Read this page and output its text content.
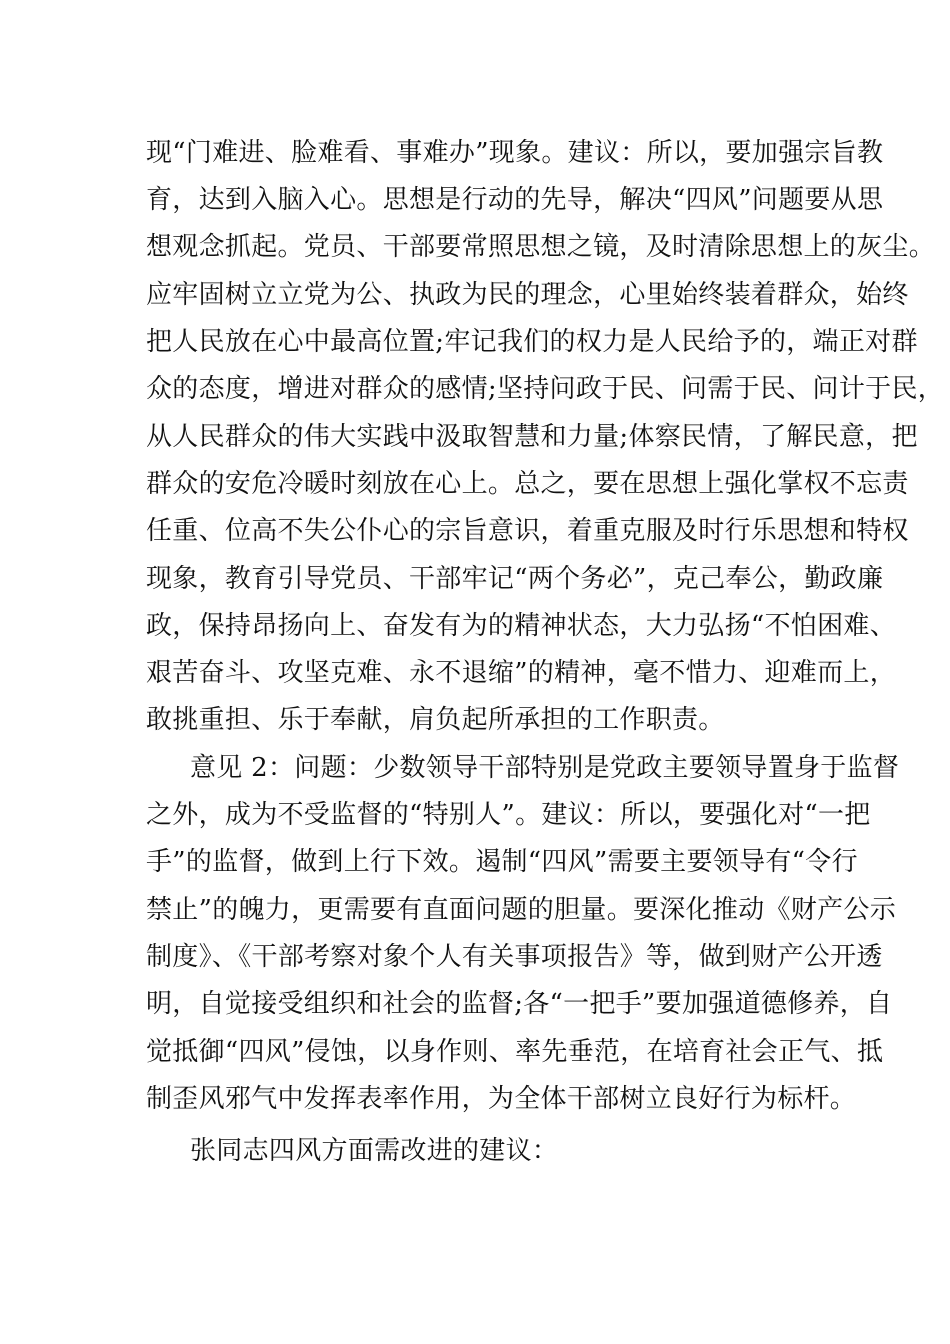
现“门难进、脸难看、事难办”现象。建议：所以，要加强宗旨教
育，达到入脑入心。思想是行动的先导，解决“四风”问题要从思
想观念抓起。党员、干部要常照思想之镜，及时清除思想上的灰尘。
应牢固树立立党为公、执政为民的理念，心里始终装着群众，始终
把人民放在心中最高位置;牢记我们的权力是人民给予的，端正对群
众的态度，增进对群众的感情;坚持问政于民、问需于民、问计于民，
从人民群众的伟大实践中汲取智慧和力量;体察民情，了解民意，把
群众的安危冷暖时刻放在心上。总之，要在思想上强化掌权不忘责
任重、位高不失公仆心的宗旨意识，着重克服及时行乐思想和特权
现象，教育引导党员、干部牢记“两个务必”，克己奉公，勤政廉
政，保持昂扬向上、奋发有为的精神状态，大力弘扬“不怕困难、
艰苦奋斗、攻坚克难、永不退缩”的精神，毫不惜力、迎难而上，
敢挑重担、乐于奉献，肩负起所承担的工作职责。
意见 2：问题：少数领导干部特别是党政主要领导置身于监督
之外，成为不受监督的“特别人”。建议：所以，要强化对“一把
手”的监督，做到上行下效。遏制“四风”需要主要领导有“令行
禁止”的魄力，更需要有直面问题的胆量。要深化推动《财产公示
制度》、《干部考察对象个人有关事项报告》等，做到财产公开透
明，自觉接受组织和社会的监督;各“一把手”要加强道德修养，自
觉抵御“四风”侵蚀，以身作则、率先垂范，在培育社会正气、抵
制歪风邪气中发挥表率作用，为全体干部树立良好行为标杆。
张同志四风方面需改进的建议：
